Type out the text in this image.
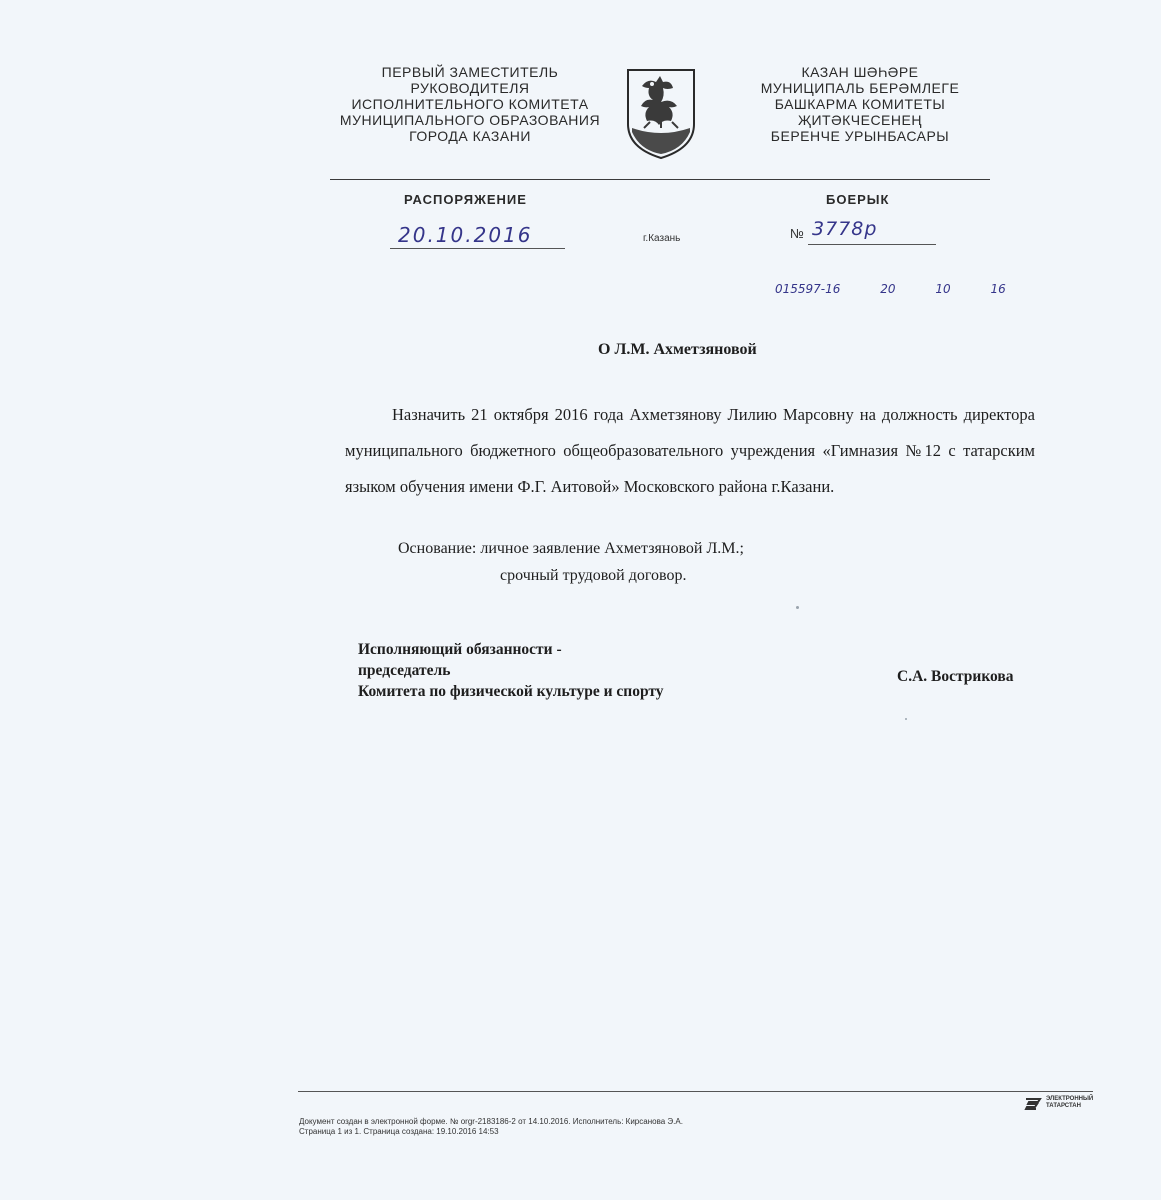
ПЕРВЫЙ ЗАМЕСТИТЕЛЬ
РУКОВОДИТЕЛЯ
ИСПОЛНИТЕЛЬНОГО КОМИТЕТА
МУНИЦИПАЛЬНОГО ОБРАЗОВАНИЯ
ГОРОДА КАЗАНИ
КАЗАН ШӘҺӘРЕ
МУНИЦИПАЛЬ БЕРӘМЛЕГЕ
БАШКАРМА КОМИТЕТЫ
ҖИТӘКЧЕСЕНЕҢ
БЕРЕНЧЕ УРЫНБАСАРЫ
РАСПОРЯЖЕНИЕ	БОЕРЫК
20.10.2016	г.Казань	№ 3778р
015597-16	20	10	16
О Л.М. Ахметзяновой
Назначить 21 октября 2016 года Ахметзянову Лилию Марсовну на должность директора муниципального бюджетного общеобразовательного учреждения «Гимназия №12 с татарским языком обучения имени Ф.Г. Аитовой» Московского района г.Казани.
Основание: личное заявление Ахметзяновой Л.М.;
срочный трудовой договор.
Исполняющий обязанности -
председатель
Комитета по физической культуре и спорту
С.А. Вострикова
Документ создан в электронной форме. № orgr-2183186-2 от 14.10.2016. Исполнитель: Кирсанова Э.А.
Страница 1 из 1. Страница создана: 19.10.2016 14:53
ЭЛЕКТРОННЫЙ
ТАТАРСТАН
